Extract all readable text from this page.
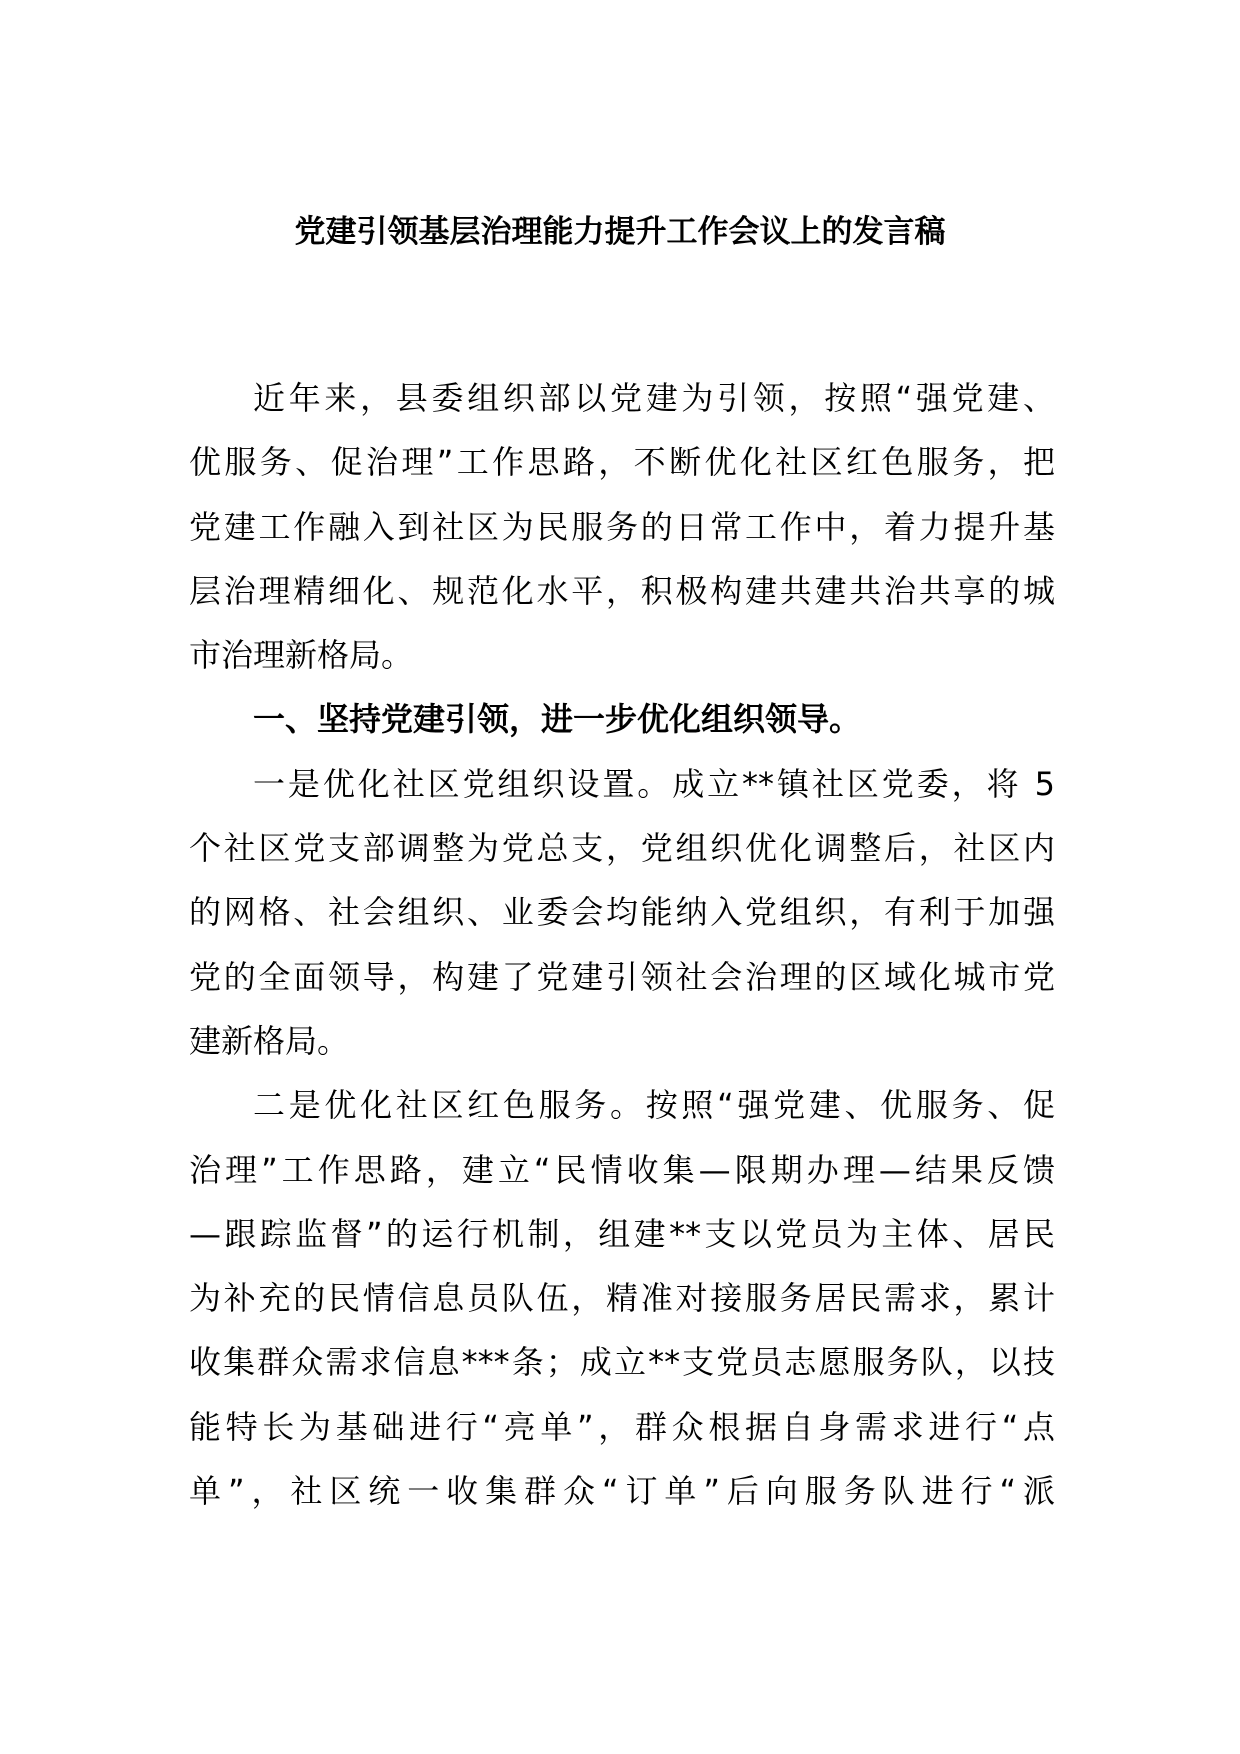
党建引领基层治理能力提升工作会议上的发言稿
近年来，县委组织部以党建为引领，按照“强党建、
优服务、促治理”工作思路，不断优化社区红色服务，把
党建工作融入到社区为民服务的日常工作中，着力提升基
层治理精细化、规范化水平，积极构建共建共治共享的城
市治理新格局。
一、坚持党建引领，进一步优化组织领导。
一是优化社区党组织设置。成立**镇社区党委，将 5
个社区党支部调整为党总支，党组织优化调整后，社区内
的网格、社会组织、业委会均能纳入党组织，有利于加强
党的全面领导，构建了党建引领社会治理的区域化城市党
建新格局。
二是优化社区红色服务。按照“强党建、优服务、促
治理”工作思路，建立“民情收集—限期办理—结果反馈
—跟踪监督”的运行机制，组建**支以党员为主体、居民
为补充的民情信息员队伍，精准对接服务居民需求，累计
收集群众需求信息***条；成立**支党员志愿服务队，以技
能特长为基础进行“亮单”，群众根据自身需求进行“点
单”，社区统一收集群众“订单”后向服务队进行“派
